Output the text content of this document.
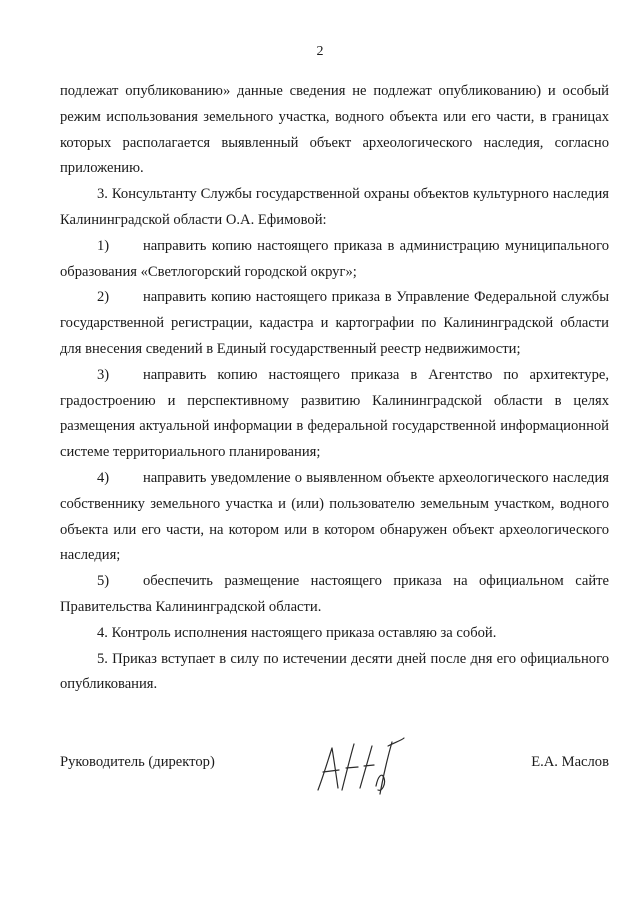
2

подлежат опубликованию» данные сведения не подлежат опубликованию) и особый режим использования земельного участка, водного объекта или его части, в границах которых располагается выявленный объект археологического наследия, согласно приложению.

3. Консультанту Службы государственной охраны объектов культурного наследия Калининградской области О.А. Ефимовой:

1) направить копию настоящего приказа в администрацию муниципального образования «Светлогорский городской округ»;

2) направить копию настоящего приказа в Управление Федеральной службы государственной регистрации, кадастра и картографии по Калининградской области для внесения сведений в Единый государственный реестр недвижимости;

3) направить копию настоящего приказа в Агентство по архитектуре, градостроению и перспективному развитию Калининградской области в целях размещения актуальной информации в федеральной государственной информационной системе территориального планирования;

4) направить уведомление о выявленном объекте археологического наследия собственнику земельного участка и (или) пользователю земельным участком, водного объекта или его части, на котором или в котором обнаружен объект археологического наследия;

5) обеспечить размещение настоящего приказа на официальном сайте Правительства Калининградской области.

4. Контроль исполнения настоящего приказа оставляю за собой.

5. Приказ вступает в силу по истечении десяти дней после дня его официального опубликования.

Руководитель (директор)	Е.А. Маслов
